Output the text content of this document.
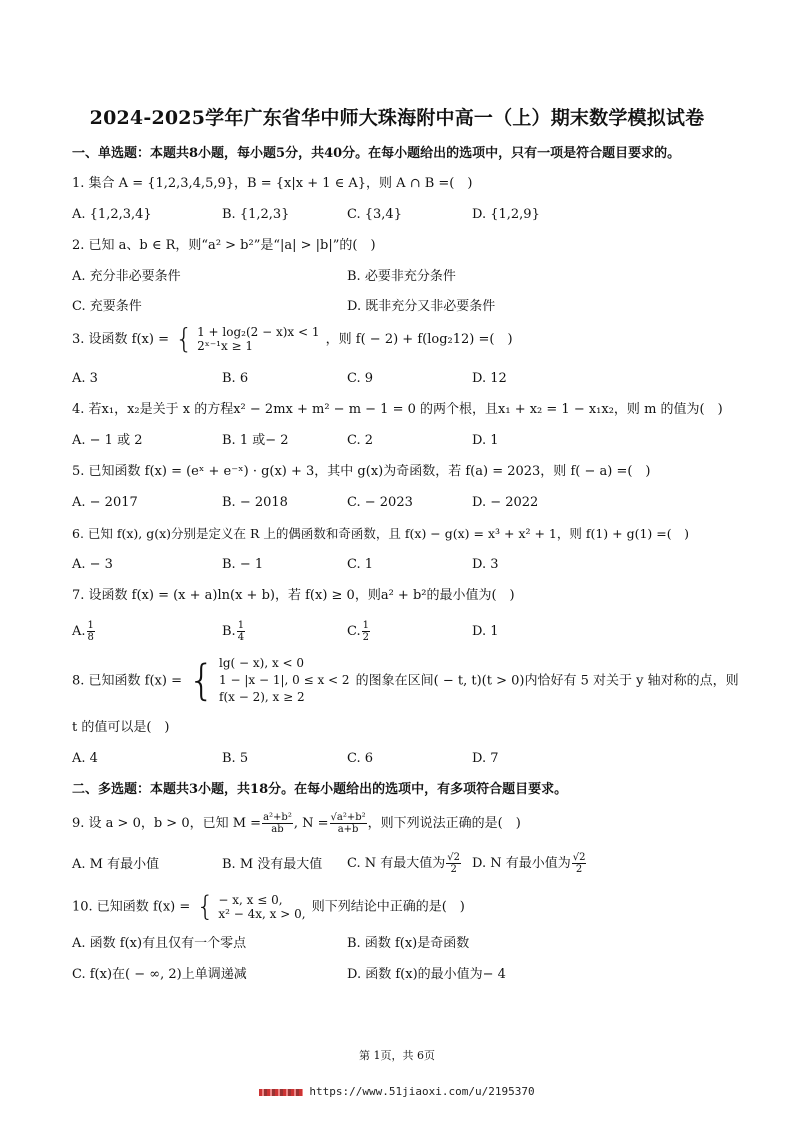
2024-2025学年广东省华中师大珠海附中高一（上）期末数学模拟试卷
一、单选题：本题共8小题，每小题5分，共40分。在每小题给出的选项中，只有一项是符合题目要求的。
1. 集合 A = {1,2,3,4,5,9}，B = {x|x + 1 ∈ A}，则 A ∩ B =(　)
A. {1,2,3,4}	B. {1,2,3}	C. {3,4}	D. {1,2,9}
2. 已知 a、b ∈ R，则“a² > b²”是“|a| > |b|”的(　)
A. 充分非必要条件	B. 必要非充分条件
C. 充要条件	D. 既非充分又非必要条件
3. 设函数 f(x) = { 1 + log₂(2 − x)x < 1
2ˣ⁻¹x ≥ 1	，则 f( − 2) + f(log₂12) =(　)
A. 3	B. 6	C. 9	D. 12
4. 若x₁，x₂是关于 x 的方程x² − 2mx + m² − m − 1 = 0 的两个根，且x₁ + x₂ = 1 − x₁x₂，则 m 的值为(　)
A. − 1 或 2	B. 1 或− 2	C. 2	D. 1
5. 已知函数 f(x) = (eˣ + e⁻ˣ) · g(x) + 3，其中 g(x)为奇函数，若 f(a) = 2023，则 f( − a) =(　)
A. − 2017	B. − 2018	C. − 2023	D. − 2022
6. 已知 f(x), g(x)分别是定义在 R 上的偶函数和奇函数，且 f(x) − g(x) = x³ + x² + 1，则 f(1) + g(1) =(　)
A. − 3	B. − 1	C. 1	D. 3
7. 设函数 f(x) = (x + a)ln(x + b)，若 f(x) ≥ 0，则a² + b²的最小值为(　)
A. $\frac{1}{8}$	B. $\frac{1}{4}$	C. $\frac{1}{2}$	D. 1
8. 已知函数 f(x) = { lg( − x), x < 0
1 − |x − 1|, 0 ≤ x < 2
f(x − 2), x ≥ 2
的图象在区间( − t, t)(t > 0)内恰好有 5 对关于 y 轴对称的点，则
t 的值可以是(　)
A. 4	B. 5	C. 6	D. 7
二、多选题：本题共3小题，共18分。在每小题给出的选项中，有多项符合题目要求。
9. 设 a > 0，b > 0，已知 $M = \frac{\text{a²+b²}}{ab}$ , $N = \frac{\text{√a²+b²}}{a+b}$ ，则下列说法正确的是(　)
A. M 有最小值	B. M 没有最大值 C. N 有最大值为 $\frac{√2}{2} D$. N 有最小值为 $\frac{√2}{2}$
10. 已知函数 f(x) = { − x, x ≤ 0,
x² − 4x, x > 0, 则下列结论中正确的是(　)
A. 函数 f(x)有且仅有一个零点	B. 函数 f(x)是奇函数
C. f(x)在( − ∞, 2)上单调递减	D. 函数 f(x)的最小值为− 4
第 1页，共 6页
https://www.51jiaoxi.com/u/2195370
